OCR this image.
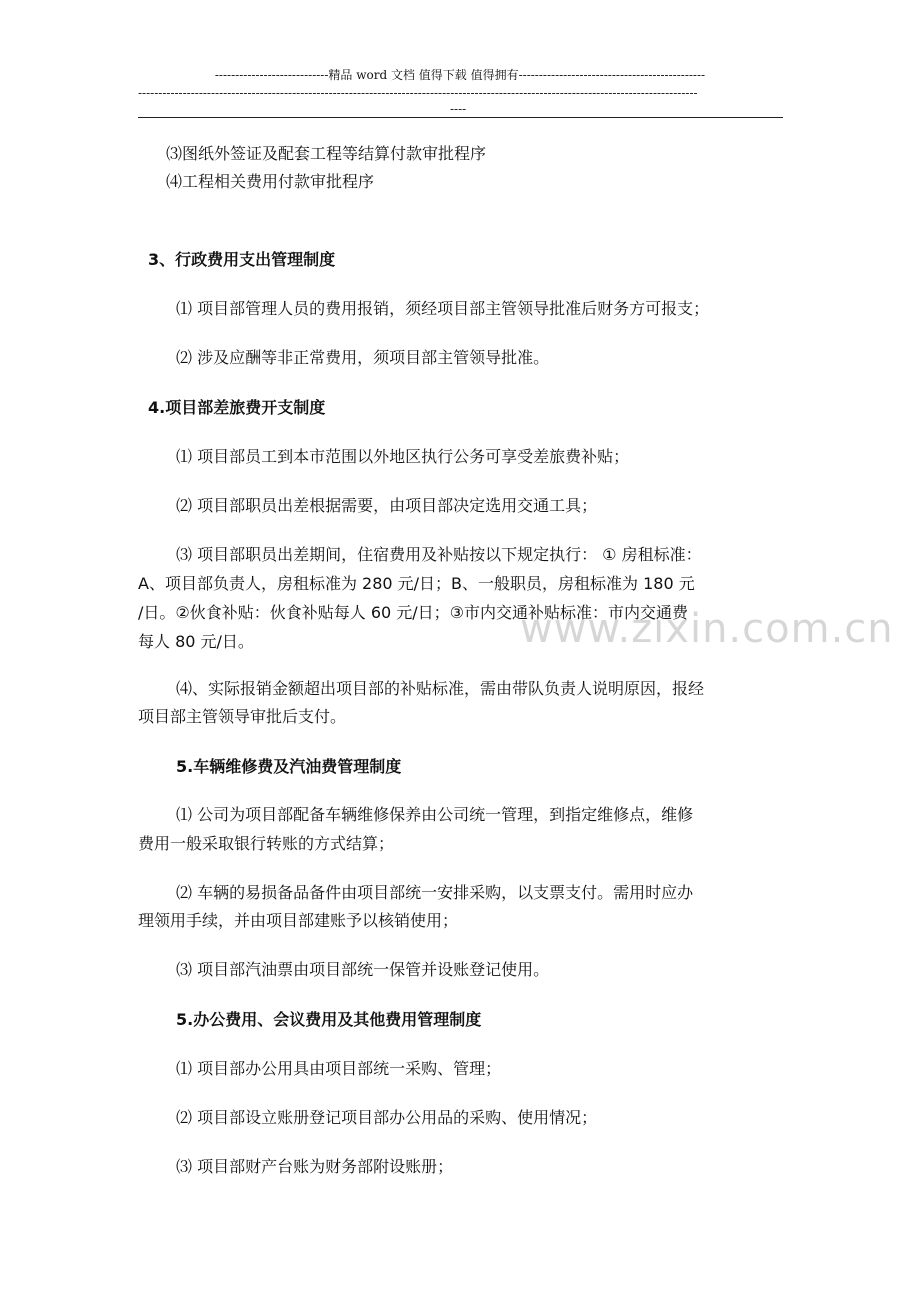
----------------------------精品 word 文档 值得下载 值得拥有----------------------------------------------
------------------------------------------------------------------------------------------------------------------------------------------
----
www.zixin.com.cn
⑶图纸外签证及配套工程等结算付款审批程序
⑷工程相关费用付款审批程序
3、行政费用支出管理制度
⑴ 项目部管理人员的费用报销，须经项目部主管领导批准后财务方可报支；
⑵ 涉及应酬等非正常费用，须项目部主管领导批准。
4.项目部差旅费开支制度
⑴ 项目部员工到本市范围以外地区执行公务可享受差旅费补贴；
⑵ 项目部职员出差根据需要，由项目部决定选用交通工具；
⑶ 项目部职员出差期间，住宿费用及补贴按以下规定执行： ① 房租标准：
A、项目部负责人，房租标准为 280 元/日；B、一般职员，房租标准为 180 元
/日。②伙食补贴：伙食补贴每人 60 元/日；③市内交通补贴标准：市内交通费
每人 80 元/日。
⑷、实际报销金额超出项目部的补贴标准，需由带队负责人说明原因，报经
项目部主管领导审批后支付。
5.车辆维修费及汽油费管理制度
⑴ 公司为项目部配备车辆维修保养由公司统一管理，到指定维修点，维修
费用一般采取银行转账的方式结算；
⑵ 车辆的易损备品备件由项目部统一安排采购，以支票支付。需用时应办
理领用手续，并由项目部建账予以核销使用；
⑶ 项目部汽油票由项目部统一保管并设账登记使用。
5.办公费用、会议费用及其他费用管理制度
⑴ 项目部办公用具由项目部统一采购、管理；
⑵ 项目部设立账册登记项目部办公用品的采购、使用情况；
⑶ 项目部财产台账为财务部附设账册；
